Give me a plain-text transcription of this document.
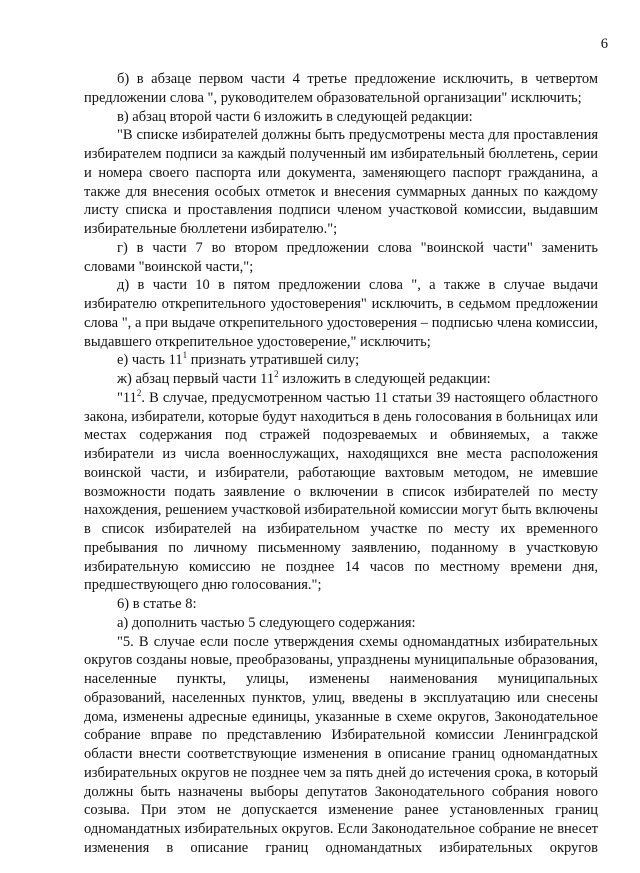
6

б) в абзаце первом части 4 третье предложение исключить, в четвертом предложении слова ", руководителем образовательной организации" исключить;

в) абзац второй части 6 изложить в следующей редакции:

"В списке избирателей должны быть предусмотрены места для проставления избирателем подписи за каждый полученный им избирательный бюллетень, серии и номера своего паспорта или документа, заменяющего паспорт гражданина, а также для внесения особых отметок и внесения суммарных данных по каждому листу списка и проставления подписи членом участковой комиссии, выдавшим избирательные бюллетени избирателю.";

г) в части 7 во втором предложении слова "воинской части" заменить словами "воинской части,";

д) в части 10 в пятом предложении слова ", а также в случае выдачи избирателю открепительного удостоверения" исключить, в седьмом предложении слова ", а при выдаче открепительного удостоверения – подписью члена комиссии, выдавшего открепительное удостоверение," исключить;

е) часть $11^1$ признать утратившей силу;

ж) абзац первый части $11^2$ изложить в следующей редакции:

"$11^2$. В случае, предусмотренном частью 11 статьи 39 настоящего областного закона, избиратели, которые будут находиться в день голосования в больницах или местах содержания под стражей подозреваемых и обвиняемых, а также избиратели из числа военнослужащих, находящихся вне места расположения воинской части, и избиратели, работающие вахтовым методом, не имевшие возможности подать заявление о включении в список избирателей по месту нахождения, решением участковой избирательной комиссии могут быть включены в список избирателей на избирательном участке по месту их временного пребывания по личному письменному заявлению, поданному в участковую избирательную комиссию не позднее 14 часов по местному времени дня, предшествующего дню голосования.";

6) в статье 8:

а) дополнить частью 5 следующего содержания:

"5. В случае если после утверждения схемы одномандатных избирательных округов созданы новые, преобразованы, упразднены муниципальные образования, населенные пункты, улицы, изменены наименования муниципальных образований, населенных пунктов, улиц, введены в эксплуатацию или снесены дома, изменены адресные единицы, указанные в схеме округов, Законодательное собрание вправе по представлению Избирательной комиссии Ленинградской области внести соответствующие изменения в описание границ одномандатных избирательных округов не позднее чем за пять дней до истечения срока, в который должны быть назначены выборы депутатов Законодательного собрания нового созыва. При этом не допускается изменение ранее установленных границ одномандатных избирательных округов. Если Законодательное собрание не внесет изменения в описание границ одномандатных избирательных округов
